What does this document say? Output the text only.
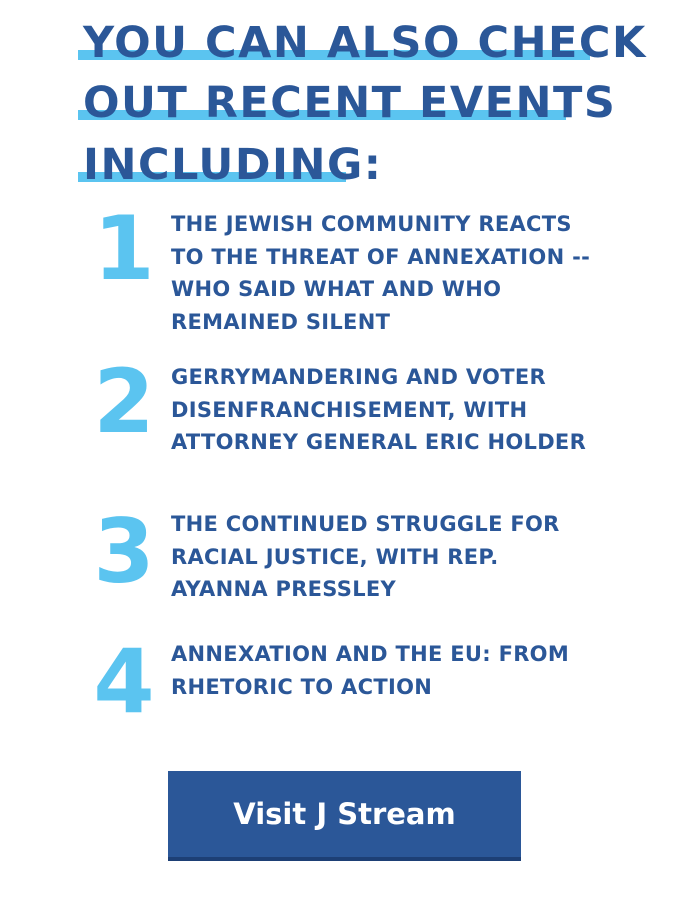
YOU CAN ALSO CHECK
OUT RECENT EVENTS
INCLUDING:
1 THE JEWISH COMMUNITY REACTS
TO THE THREAT OF ANNEXATION --
WHO SAID WHAT AND WHO
REMAINED SILENT
2 GERRYMANDERING AND VOTER
DISENFRANCHISEMENT, WITH
ATTORNEY GENERAL ERIC HOLDER
3 THE CONTINUED STRUGGLE FOR
RACIAL JUSTICE, WITH REP.
AYANNA PRESSLEY
4 ANNEXATION AND THE EU: FROM
RHETORIC TO ACTION
Visit J Stream
